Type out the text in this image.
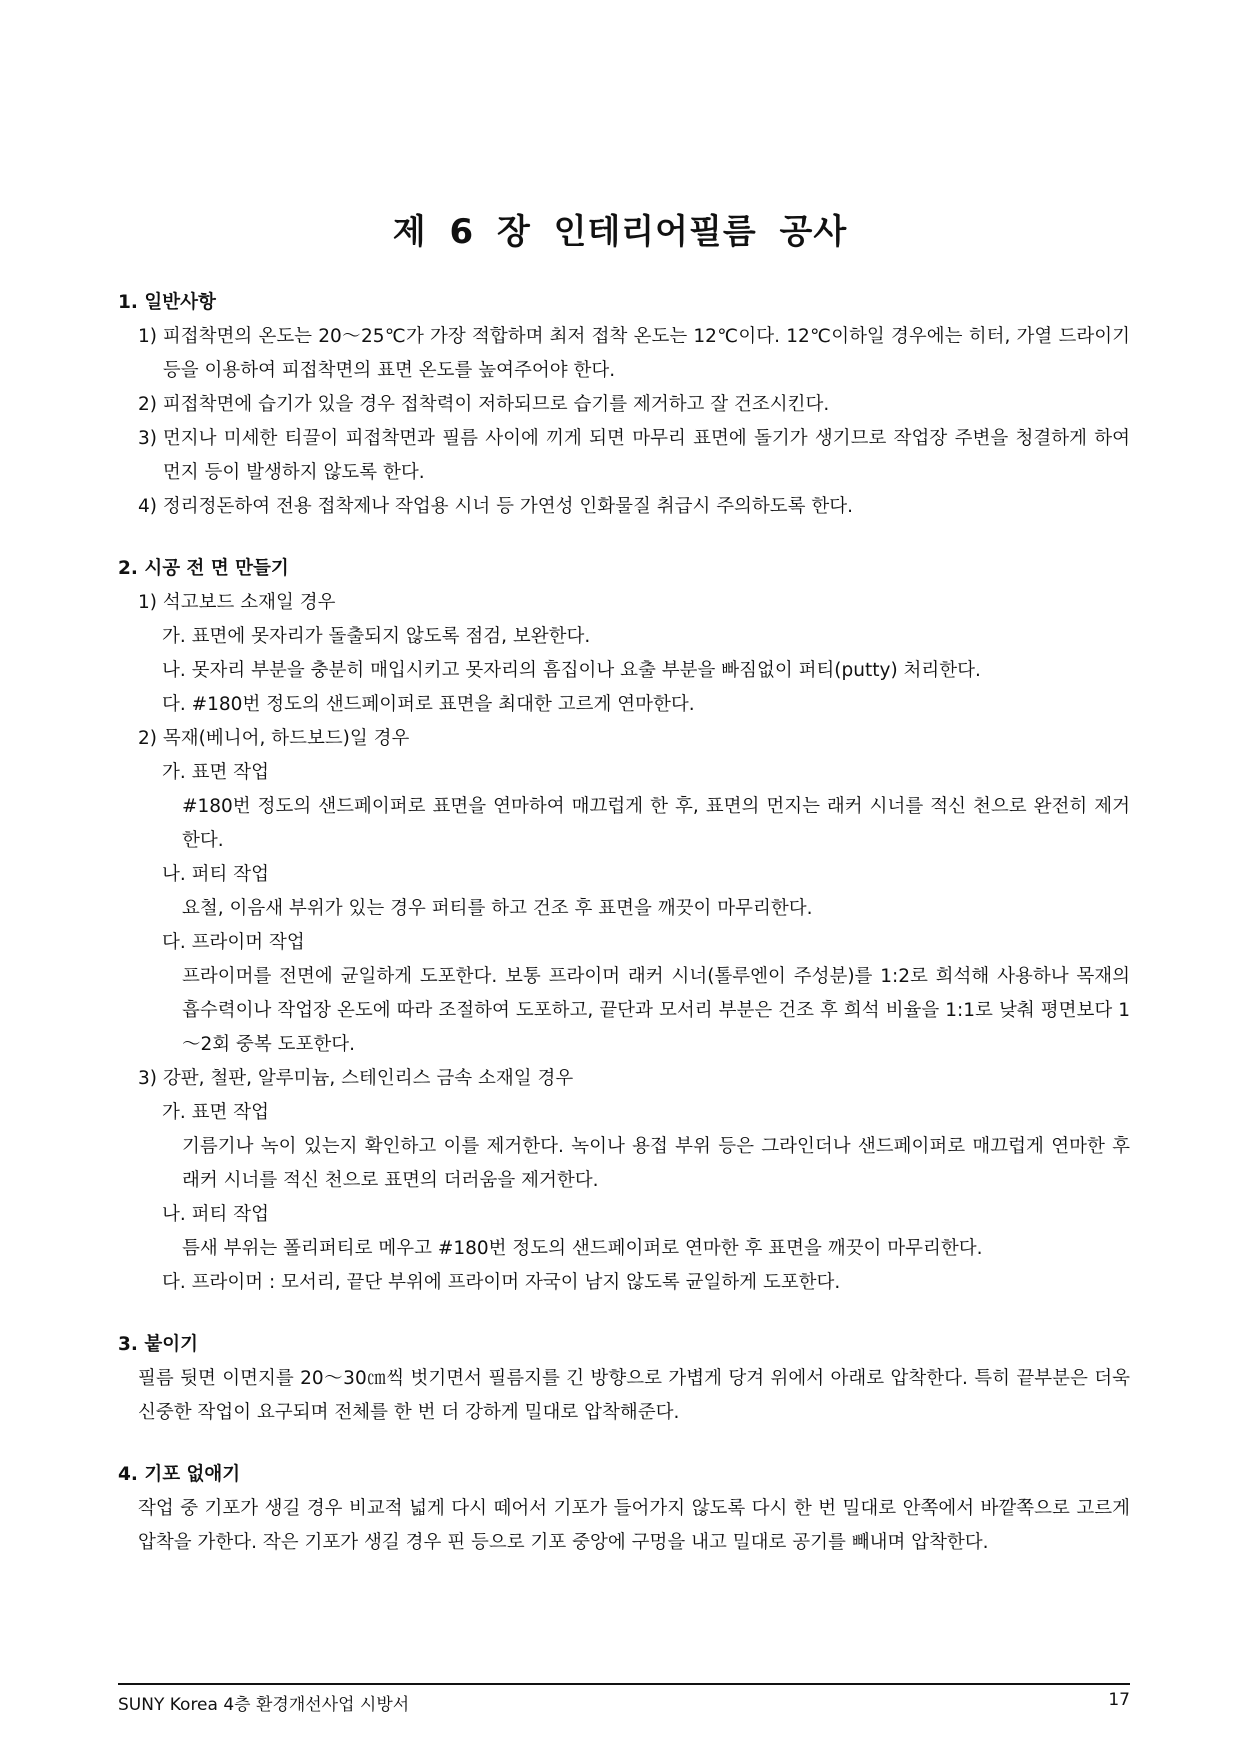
제 6 장 인테리어필름 공사

1. 일반사항

1) 피접착면의 온도는 20～25℃가 가장 적합하며 최저 접착 온도는 12℃이다. 12℃이하일 경우에는 히터, 가열 드라이기 등을 이용하여 피접착면의 표면 온도를 높여주어야 한다.
2) 피접착면에 습기가 있을 경우 접착력이 저하되므로 습기를 제거하고 잘 건조시킨다.
3) 먼지나 미세한 티끌이 피접착면과 필름 사이에 끼게 되면 마무리 표면에 돌기가 생기므로 작업장 주변을 청결하게 하여 먼지 등이 발생하지 않도록 한다.
4) 정리정돈하여 전용 접착제나 작업용 시너 등 가연성 인화물질 취급시 주의하도록 한다.

2. 시공 전 면 만들기

1) 석고보드 소재일 경우

가. 표면에 못자리가 돌출되지 않도록 점검, 보완한다.
나. 못자리 부분을 충분히 매입시키고 못자리의 흠집이나 요출 부분을 빠짐없이 퍼티(putty) 처리한다.
다. #180번 정도의 샌드페이퍼로 표면을 최대한 고르게 연마한다.

2) 목재(베니어, 하드보드)일 경우

가. 표면 작업

#180번 정도의 샌드페이퍼로 표면을 연마하여 매끄럽게 한 후, 표면의 먼지는 래커 시너를 적신 천으로 완전히 제거한다.

나. 퍼티 작업

요철, 이음새 부위가 있는 경우 퍼티를 하고 건조 후 표면을 깨끗이 마무리한다.

다. 프라이머 작업

프라이머를 전면에 균일하게 도포한다. 보통 프라이머 래커 시너(톨루엔이 주성분)를 1:2로 희석해 사용하나 목재의 흡수력이나 작업장 온도에 따라 조절하여 도포하고, 끝단과 모서리 부분은 건조 후 희석 비율을 1:1로 낮춰 평면보다 1～2회 중복 도포한다.

3) 강판, 철판, 알루미늄, 스테인리스 금속 소재일 경우

가. 표면 작업

기름기나 녹이 있는지 확인하고 이를 제거한다. 녹이나 용접 부위 등은 그라인더나 샌드페이퍼로 매끄럽게 연마한 후 래커 시너를 적신 천으로 표면의 더러움을 제거한다.

나. 퍼티 작업

틈새 부위는 폴리퍼티로 메우고 #180번 정도의 샌드페이퍼로 연마한 후 표면을 깨끗이 마무리한다.

다. 프라이머 : 모서리, 끝단 부위에 프라이머 자국이 남지 않도록 균일하게 도포한다.

3. 붙이기

필름 뒷면 이면지를 20～30㎝씩 벗기면서 필름지를 긴 방향으로 가볍게 당겨 위에서 아래로 압착한다. 특히 끝부분은 더욱 신중한 작업이 요구되며 전체를 한 번 더 강하게 밀대로 압착해준다.

4. 기포 없애기

작업 중 기포가 생길 경우 비교적 넓게 다시 떼어서 기포가 들어가지 않도록 다시 한 번 밀대로 안쪽에서 바깥쪽으로 고르게 압착을 가한다. 작은 기포가 생길 경우 핀 등으로 기포 중앙에 구멍을 내고 밀대로 공기를 빼내며 압착한다.

SUNY Korea 4층 환경개선사업 시방서	17
